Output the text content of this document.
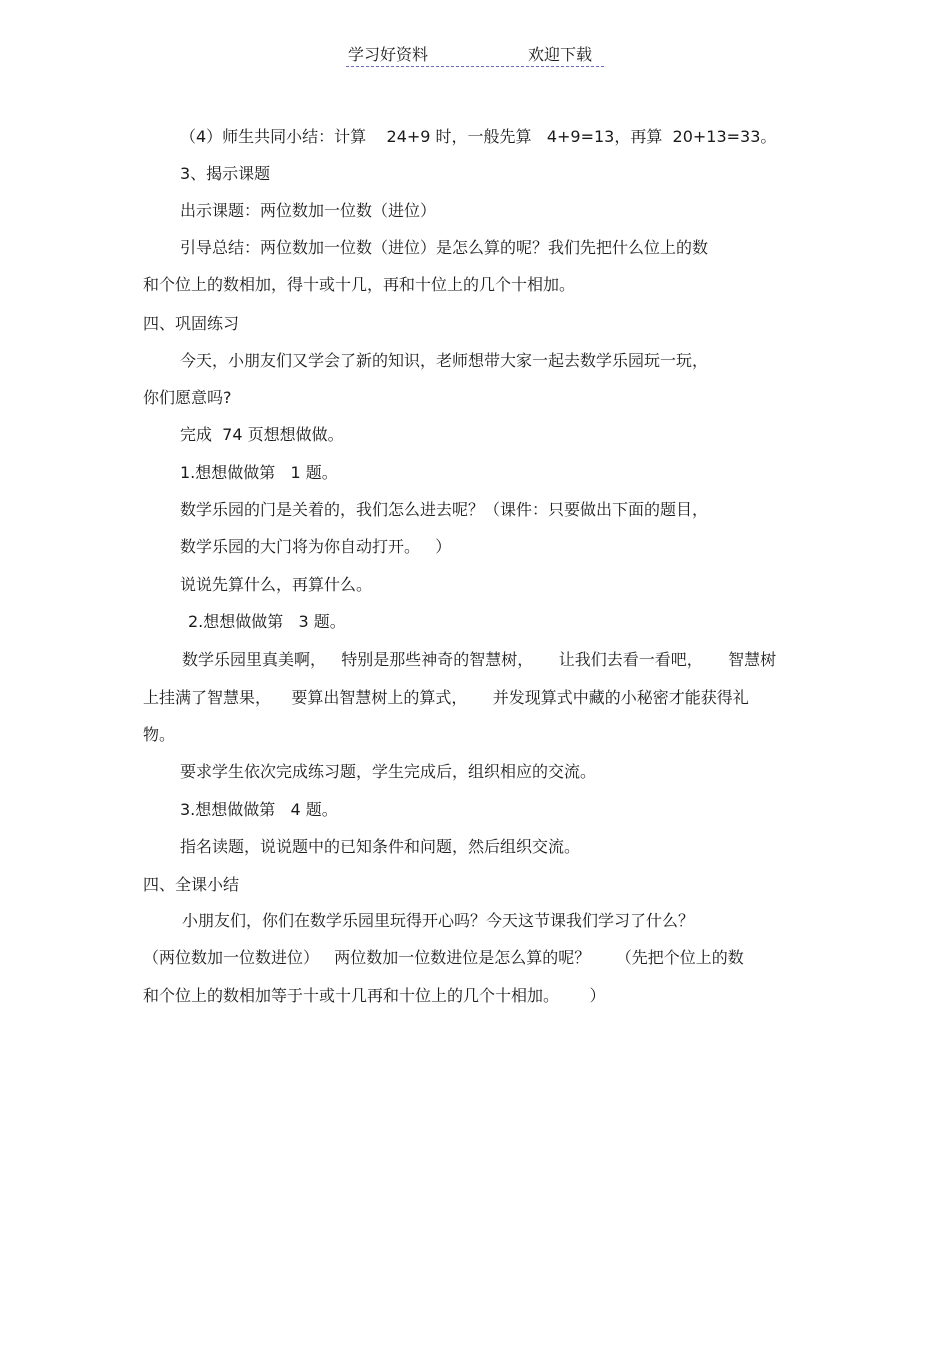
学习好资料	欢迎下载
（4）师生共同小结：计算    24+9 时，一般先算   4+9=13，再算  20+13=33。
3、揭示课题
出示课题：两位数加一位数（进位）
引导总结：两位数加一位数（进位）是怎么算的呢？我们先把什么位上的数
和个位上的数相加，得十或十几，再和十位上的几个十相加。
四、巩固练习
今天，小朋友们又学会了新的知识，老师想带大家一起去数学乐园玩一玩，
你们愿意吗?
完成  74 页想想做做。
1.想想做做第   1 题。
数学乐园的门是关着的，我们怎么进去呢？（课件：只要做出下面的题目，
数学乐园的大门将为你自动打开。   ）
说说先算什么，再算什么。
2.想想做做第   3 题。
数学乐园里真美啊，   特别是那些神奇的智慧树，     让我们去看一看吧，     智慧树
上挂满了智慧果，    要算出智慧树上的算式，     并发现算式中藏的小秘密才能获得礼
物。
要求学生依次完成练习题，学生完成后，组织相应的交流。
3.想想做做第   4 题。
指名读题，说说题中的已知条件和问题，然后组织交流。
四、全课小结
小朋友们，你们在数学乐园里玩得开心吗？今天这节课我们学习了什么？
（两位数加一位数进位）   两位数加一位数进位是怎么算的呢？     （先把个位上的数
和个位上的数相加等于十或十几再和十位上的几个十相加。      ）
